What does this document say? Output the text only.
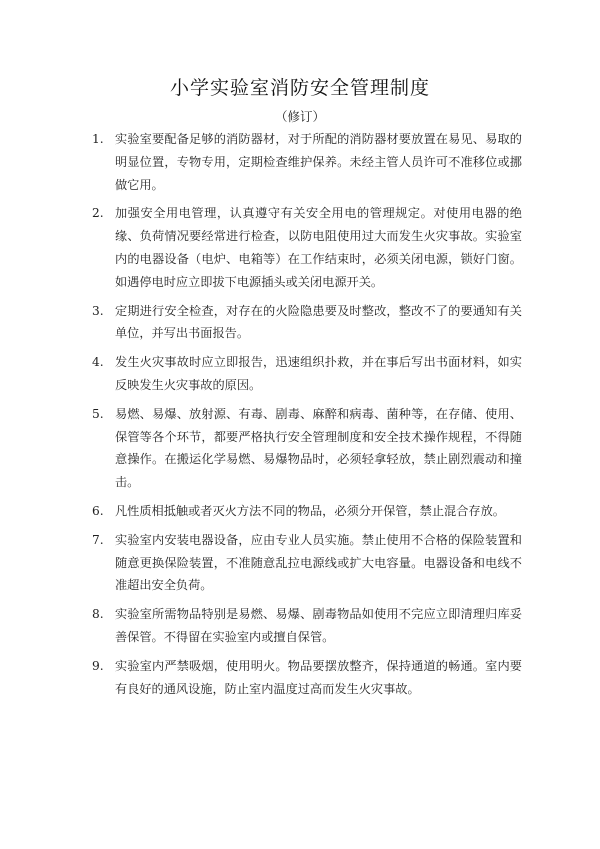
小学实验室消防安全管理制度
（修订）
1. 实验室要配备足够的消防器材，对于所配的消防器材要放置在易见、易取的明显位置，专物专用，定期检查维护保养。未经主管人员许可不准移位或挪做它用。
2. 加强安全用电管理，认真遵守有关安全用电的管理规定。对使用电器的绝缘、负荷情况要经常进行检查，以防电阻使用过大而发生火灾事故。实验室内的电器设备（电炉、电箱等）在工作结束时，必须关闭电源，锁好门窗。如遇停电时应立即拔下电源插头或关闭电源开关。
3. 定期进行安全检查，对存在的火险隐患要及时整改，整改不了的要通知有关单位，并写出书面报告。
4. 发生火灾事故时应立即报告，迅速组织扑救，并在事后写出书面材料，如实反映发生火灾事故的原因。
5. 易燃、易爆、放射源、有毒、剧毒、麻醉和病毒、菌种等，在存储、使用、保管等各个环节，都要严格执行安全管理制度和安全技术操作规程，不得随意操作。在搬运化学易燃、易爆物品时，必须轻拿轻放，禁止剧烈震动和撞击。
6. 凡性质相抵触或者灭火方法不同的物品，必须分开保管，禁止混合存放。
7. 实验室内安装电器设备，应由专业人员实施。禁止使用不合格的保险装置和随意更换保险装置，不准随意乱拉电源线或扩大电容量。电器设备和电线不准超出安全负荷。
8. 实验室所需物品特别是易燃、易爆、剧毒物品如使用不完应立即清理归库妥善保管。不得留在实验室内或擅自保管。
9. 实验室内严禁吸烟，使用明火。物品要摆放整齐，保持通道的畅通。室内要有良好的通风设施，防止室内温度过高而发生火灾事故。
